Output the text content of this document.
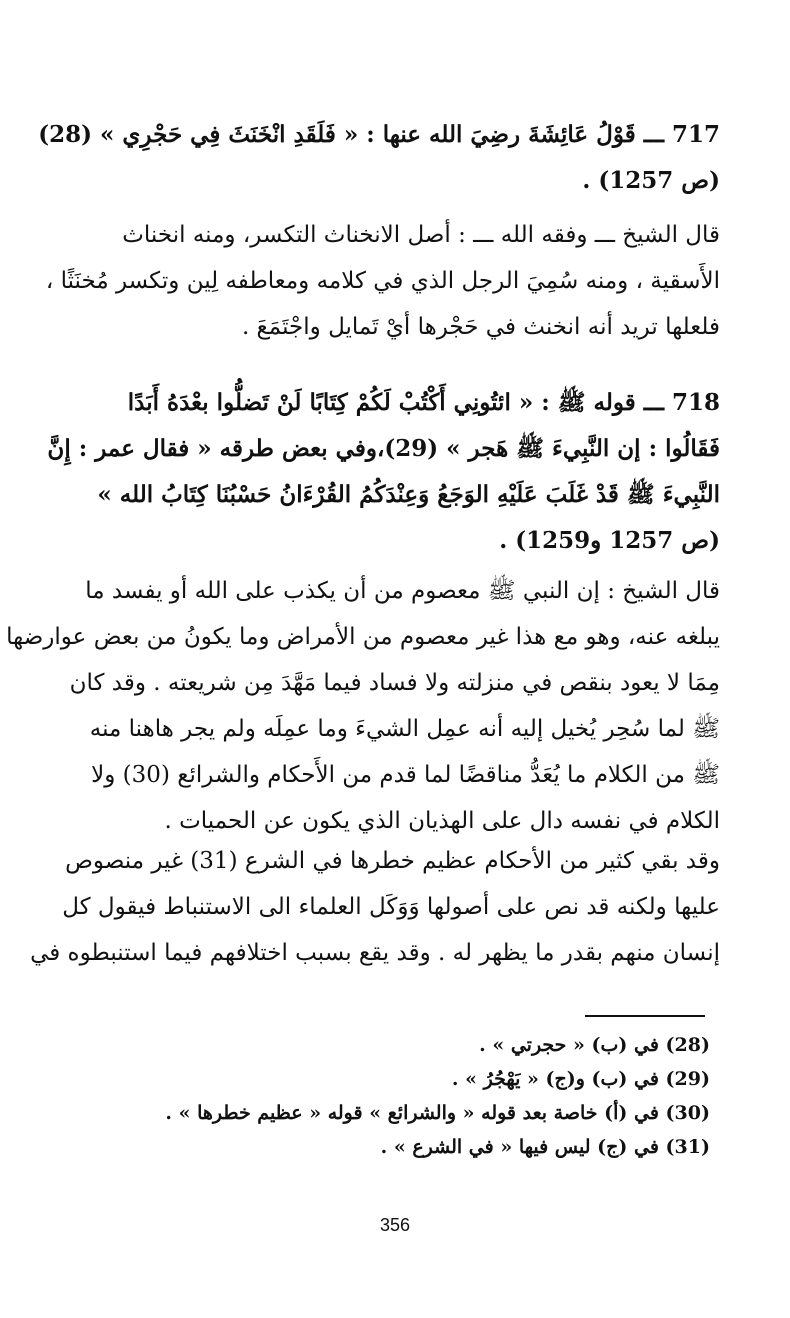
717 ـــ قَوْلُ عَائِشَةَ رضِيَ الله عنها : « فَلَقَدِ انْخَنَثَ فِي حَجْرِي » (28)
(ص 1257) .
قال الشيخ ـــ وفقه الله ـــ : أصل الانخناث التكسر، ومنه انخناث
الأَسقية ، ومنه سُمِيَ الرجل الذي في كلامه ومعاطفه لِين وتكسر مُخنَثًا ،
فلعلها تريد أنه انخنث في حَجْرها أيْ تَمايل واجْتَمَعَ .
718 ـــ قوله ﷺ : « ائتُونِي أَكْتُبْ لَكُمْ كِتَابًا لَنْ تَضلُّوا بعْدَهُ أَبَدًا
فَقَالُوا : إن النَّبِيءَ ﷺ هَجر » (29)،وفي بعض طرقه « فقال عمر : إِنَّ
النَّبِيءَ ﷺ قَدْ غَلَبَ عَلَيْهِ الوَجَعُ وَعِنْدَكُمُ القُرْءَانُ حَسْبُنَا كِتَابُ الله »
(ص 1257 و1259) .
قال الشيخ : إن النبي ﷺ معصوم من أن يكذب على الله أو يفسد ما
يبلغه عنه، وهو مع هذا غير معصوم من الأمراض وما يكونُ من بعض عوارضها
مِمَا لا يعود بنقص في منزلته ولا فساد فيما مَهَّدَ مِن شريعته . وقد كان
ﷺ لما سُحِر يُخيل إليه أنه عمِل الشيءَ وما عمِلَه ولم يجر هاهنا منه
ﷺ من الكلام ما يُعَدُّ مناقضًا لما قدم من الأَحكام والشرائع (30) ولا
الكلام في نفسه دال على الهذيان الذي يكون عن الحميات .
وقد بقي كثير من الأحكام عظيم خطرها في الشرع (31) غير منصوص
عليها ولكنه قد نص على أصولها وَوَكَل العلماء الى الاستنباط فيقول كل
إنسان منهم بقدر ما يظهر له . وقد يقع بسبب اختلافهم فيما استنبطوه في
(28) في (ب) « حجرتي » .
(29) في (ب) و(ج) « يَهْجُرُ » .
(30) في (أ) خاصة بعد قوله « والشرائع » قوله « عظيم خطرها » .
(31) في (ج) ليس فيها « في الشرع » .
356
